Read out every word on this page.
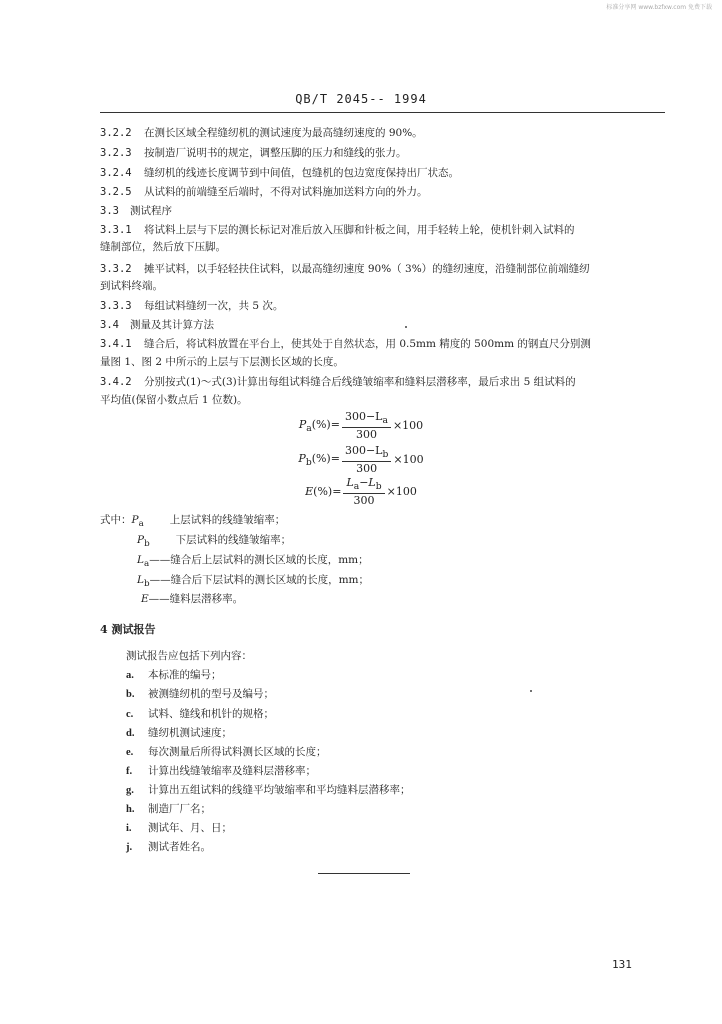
标准分享网 www.bzfxw.com 免费下载
QB/T 2045-- 1994
3.2.2 在测长区域全程缝纫机的测试速度为最高缝纫速度的 90%。
3.2.3 按制造厂说明书的规定，调整压脚的压力和缝线的张力。
3.2.4 缝纫机的线迹长度调节到中间值，包缝机的包边宽度保持出厂状态。
3.2.5 从试料的前端缝至后端时，不得对试料施加送料方向的外力。
3.3 测试程序
3.3.1 将试料上层与下层的测长标记对准后放入压脚和针板之间，用手轻转上轮，使机针刺入试料的
缝制部位，然后放下压脚。
3.3.2 摊平试料，以手轻轻扶住试料，以最高缝纫速度 90%（ 3%）的缝纫速度，沿缝制部位前端缝纫
到试料终端。
3.3.3 每组试料缝纫一次，共 5 次。
3.4 测量及其计算方法
3.4.1 缝合后，将试料放置在平台上，使其处于自然状态，用 0.5mm 精度的 500mm 的钢直尺分别测
量图 1、图 2 中所示的上层与下层测长区域的长度。
3.4.2 分别按式(1)～式(3)计算出每组试料缝合后线缝皱缩率和缝料层潜移率，最后求出 5 组试料的
平均值(保留小数点后 1 位数)。
$P_a(\%)= \frac{300-L_a}{300} \times 100$
$P_b(\%)= \frac{300-L_b}{300} \times 100$
$E(\%)= \frac{L_a-L_b}{300} \times 100$
式中：$P_a$ 上层试料的线缝皱缩率；
$P_b$ 下层试料的线缝皱缩率；
$L_a——$缝合后上层试料的测长区域的长度，mm；
$L_b——$缝合后下层试料的测长区域的长度，mm；
E——缝料层潜移率。
4 测试报告
测试报告应包括下列内容：
a. 本标准的编号；
b. 被测缝纫机的型号及编号；
c. 试料、缝线和机针的规格；
d. 缝纫机测试速度；
e. 每次测量后所得试料测长区域的长度；
f. 计算出线缝皱缩率及缝料层潜移率；
g. 计算出五组试料的线缝平均皱缩率和平均缝料层潜移率；
h. 制造厂厂名；
i. 测试年、月、日；
j. 测试者姓名。
131
